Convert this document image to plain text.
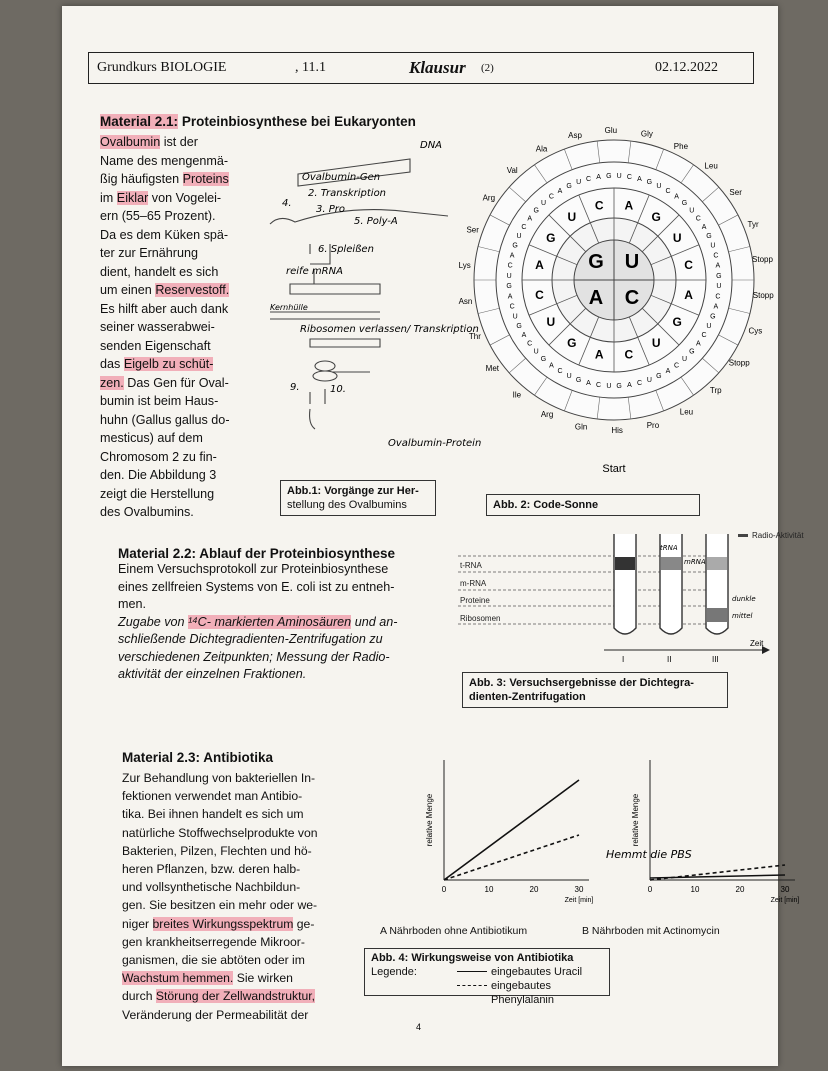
Grundkurs BIOLOGIE	, 11.1	Klausur (2)	02.12.2022
Material 2.1: Proteinbiosynthese bei Eukaryonten
Ovalbumin ist der
Name des mengenmä-
ßig häufigsten Proteins
im Eiklar von Vogelei-
ern (55–65 Prozent).
Da es dem Küken spä-
ter zur Ernährung
dient, handelt es sich
um einen Reservestoff.
Es hilft aber auch dank
seiner wasserabwei-
senden Eigenschaft
das Eigelb zu schüt-
zen. Das Gen für Oval-
bumin ist beim Haus-
huhn (Gallus gallus do-
mesticus) auf dem
Chromosom 2 zu fin-
den. Die Abbildung 3
zeigt die Herstellung
des Ovalbumins.
DNA
Ovalbumin-Gen
2. Transkription
3. Pro
5. Poly-A
4.
6. Spleißen
reife mRNA
Kernhülle
Ribosomen verlassen/ Transkription
9.	10.
Ovalbumin-Protein
Abb.1: Vorgänge zur Her-
stellung des Ovalbumins
G U
A C
A
G
U
C
A
G
U
C
A
G
U
C
A
G
U
C
U C A G
U
C
A
G
U
C
A
G
U
C
A
G
U
C
A
G
U
C
A
G
U
C
A
G
U
C
A
G
U
C
A
G
U
C
A
G
U
C
A
G
U
C
A
G
U
C
A
G
U
C
A
G
U
C
A
G
U C A G
Gly
Phe
Leu
Ser
Tyr
Stopp
Stopp
Cys
Stopp
Trp
Leu
Pro
His
Gln
Arg
Ile
Met
Thr
Asn
Lys
Ser
Arg
Val
Ala
Asp
Glu
Start
Abb. 2: Code-Sonne
Material 2.2: Ablauf der Proteinbiosynthese
Einem Versuchsprotokoll zur Proteinbiosynthese
eines zellfreien Systems von E. coli ist zu entneh-
men.
Zugabe von ¹⁴C- markierten Aminosäuren und an-
schließende Dichtegradienten-Zentrifugation zu
verschiedenen Zeitpunkten; Messung der Radio-
aktivität der einzelnen Fraktionen.
t-RNA
m-RNA
Proteine
Ribosomen
tRNA
mRNA
dunkle
mittel
Radio-Aktivität
I	II	III
Zeit
Abb. 3: Versuchsergebnisse der Dichtegra-
dienten-Zentrifugation
Material 2.3: Antibiotika
Zur Behandlung von bakteriellen In-
fektionen verwendet man Antibio-
tika. Bei ihnen handelt es sich um
natürliche Stoffwechselprodukte von
Bakterien, Pilzen, Flechten und hö-
heren Pflanzen, bzw. deren halb-
und vollsynthetische Nachbildun-
gen. Sie besitzen ein mehr oder we-
niger breites Wirkungsspektrum ge-
gen krankheitserregende Mikroor-
ganismen, die sie abtöten oder im
Wachstum hemmen. Sie wirken
durch Störung der Zellwandstruktur,
Veränderung der Permeabilität der
relative Menge
0	10	20	30
Zeit [min]
relative Menge
0	10	20	30
Zeit [min]
Hemmt die PBS
A Nährboden ohne Antibiotikum	B Nährboden mit Actinomycin
Abb. 4: Wirkungsweise von Antibiotika
Legende:	eingebautes Uracil
eingebautes Phenylalanin
4
